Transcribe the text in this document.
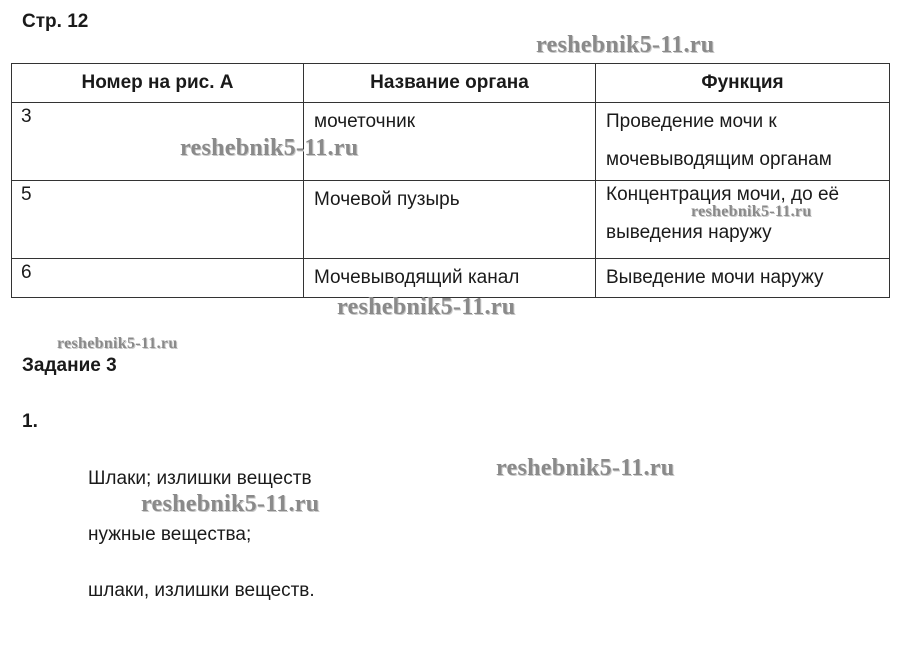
Стр. 12
reshebnik5-11.ru
Номер на рис. А	Название органа	Функция
3	мочеточник	Проведение мочи к
мочевыводящим органам

5	Мочевой пузырь	Концентрация мочи, до её
выведения наружу

6	Мочевыводящий канал	Выведение мочи наружу
reshebnik5-11.ru
reshebnik5-11.ru
reshebnik5-11.ru
reshebnik5-11.ru
Задание 3
1.
Шлаки; излишки веществ	reshebnik5-11.ru
reshebnik5-11.ru
нужные вещества;
шлаки, излишки веществ.
